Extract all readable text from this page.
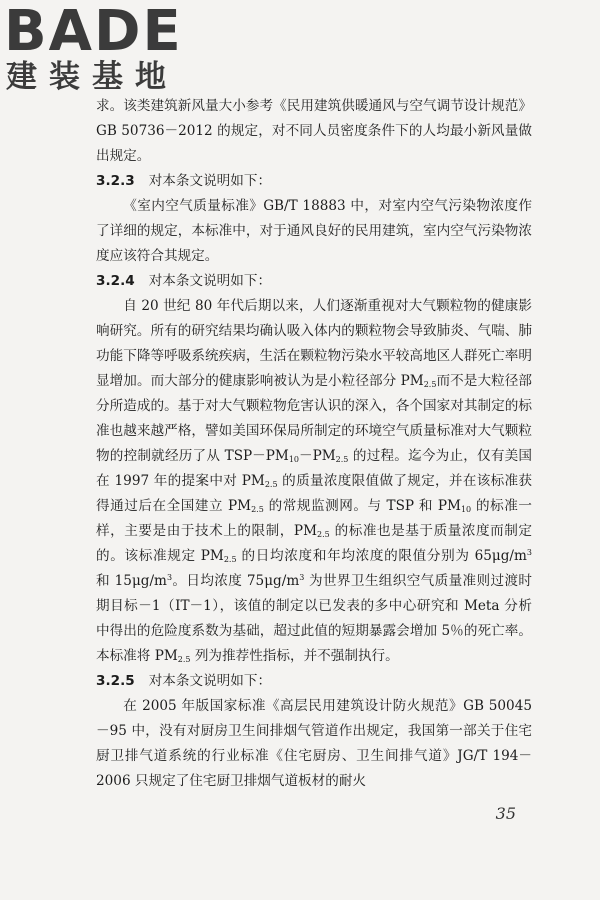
BADE
建装基地

求。该类建筑新风量大小参考《民用建筑供暖通风与空气调节设计规范》GB 50736－2012 的规定，对不同人员密度条件下的人均最小新风量做出规定。

3.2.3 对本条文说明如下：

《室内空气质量标准》GB/T 18883 中，对室内空气污染物浓度作了详细的规定，本标准中，对于通风良好的民用建筑，室内空气污染物浓度应该符合其规定。

3.2.4 对本条文说明如下：

自 20 世纪 80 年代后期以来，人们逐渐重视对大气颗粒物的健康影响研究。所有的研究结果均确认吸入体内的颗粒物会导致肺炎、气喘、肺功能下降等呼吸系统疾病，生活在颗粒物污染水平较高地区人群死亡率明显增加。而大部分的健康影响被认为是小粒径部分 $PM_{2.5}$而不是大粒径部分所造成的。基于对大气颗粒物危害认识的深入，各个国家对其制定的标准也越来越严格，譬如美国环保局所制定的环境空气质量标准对大气颗粒物的控制就经历了从 $TSP-PM_{10}-PM_{2.5}$ 的过程。迄今为止，仅有美国在 1997 年的提案中对 $PM_{2.5}$ 的质量浓度限值做了规定，并在该标准获得通过后在全国建立 $PM_{2.5}$ 的常规监测网。与 TSP 和 $PM_{10}$ 的标准一样，主要是由于技术上的限制，$PM_{2.5}$ 的标准也是基于质量浓度而制定的。该标准规定 $PM_{2.5}$ 的日均浓度和年均浓度的限值分别为 $65\mu g/m^3$ 和 $15\mu g/m^3$。日均浓度 $75\mu g/m^3$ 为世界卫生组织空气质量准则过渡时期目标－1（IT－1），该值的制定以已发表的多中心研究和 Meta 分析中得出的危险度系数为基础，超过此值的短期暴露会增加 5％的死亡率。本标准将 $PM_{2.5}$ 列为推荐性指标，并不强制执行。

3.2.5 对本条文说明如下：

在 2005 年版国家标准《高层民用建筑设计防火规范》GB 50045－95 中，没有对厨房卫生间排烟气管道作出规定，我国第一部关于住宅厨卫排气道系统的行业标准《住宅厨房、卫生间排气道》JG/T 194－2006 只规定了住宅厨卫排烟气道板材的耐火

35
